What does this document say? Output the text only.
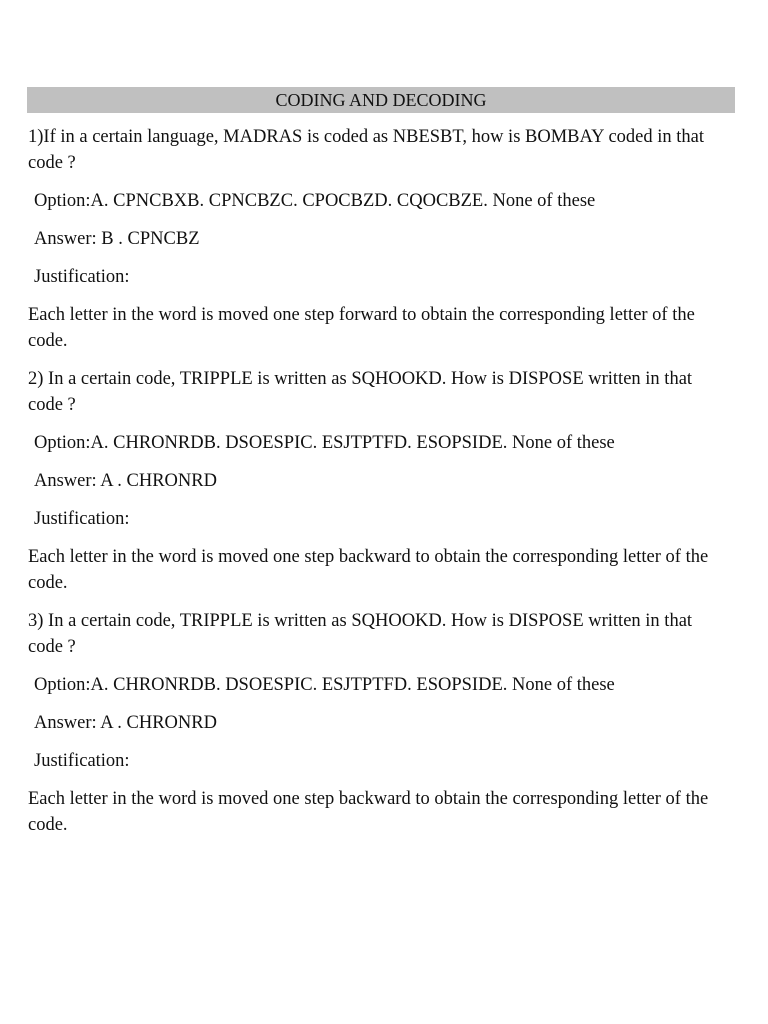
CODING AND DECODING

1)If in a certain language, MADRAS is coded as NBESBT, how is BOMBAY coded in that code ?

Option:A. CPNCBXB. CPNCBZC. CPOCBZD. CQOCBZE. None of these

Answer: B . CPNCBZ

Justification:

Each letter in the word is moved one step forward to obtain the corresponding letter of the code.

2) In a certain code, TRIPPLE is written as SQHOOKD. How is DISPOSE written in that code ?

Option:A. CHRONRDB. DSOESPIC. ESJTPTFD. ESOPSIDE. None of these

Answer: A . CHRONRD

Justification:

Each letter in the word is moved one step backward to obtain the corresponding letter of the code.

3) In a certain code, TRIPPLE is written as SQHOOKD. How is DISPOSE written in that code ?

Option:A. CHRONRDB. DSOESPIC. ESJTPTFD. ESOPSIDE. None of these

Answer: A . CHRONRD

Justification:

Each letter in the word is moved one step backward to obtain the corresponding letter of the code.
